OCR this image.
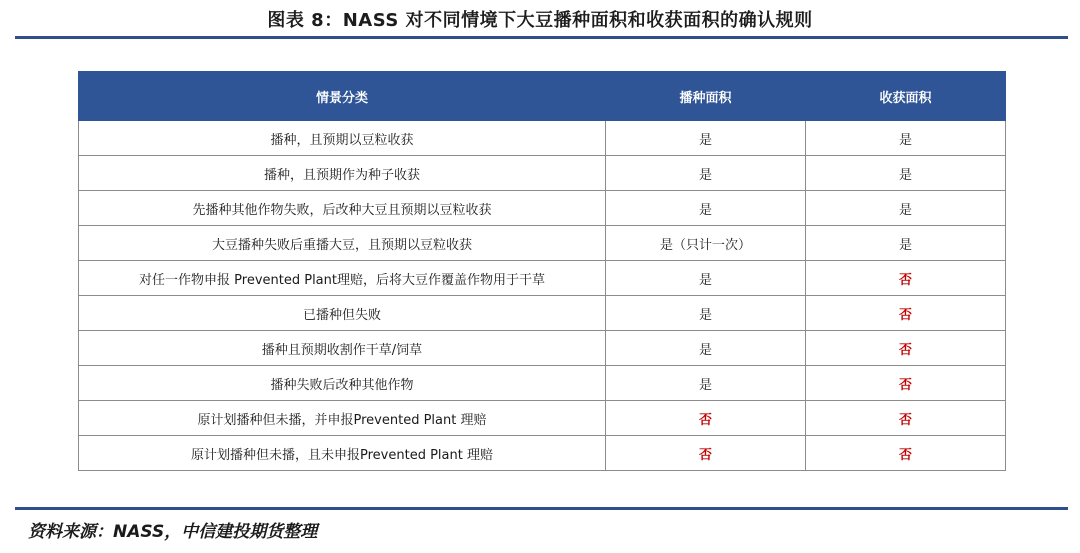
图表 8：NASS 对不同情境下大豆播种面积和收获面积的确认规则
情景分类	播种面积	收获面积
播种，且预期以豆粒收获	是	是
播种，且预期作为种子收获	是	是
先播种其他作物失败，后改种大豆且预期以豆粒收获	是	是
大豆播种失败后重播大豆，且预期以豆粒收获	是（只计一次）	是
对任一作物申报 Prevented Plant理赔，后将大豆作覆盖作物用于干草	是	否
已播种但失败	是	否
播种且预期收割作干草/饲草	是	否
播种失败后改种其他作物	是	否
原计划播种但未播，并申报Prevented Plant 理赔	否	否
原计划播种但未播，且未申报Prevented Plant 理赔	否	否
资料来源：NASS，中信建投期货整理
